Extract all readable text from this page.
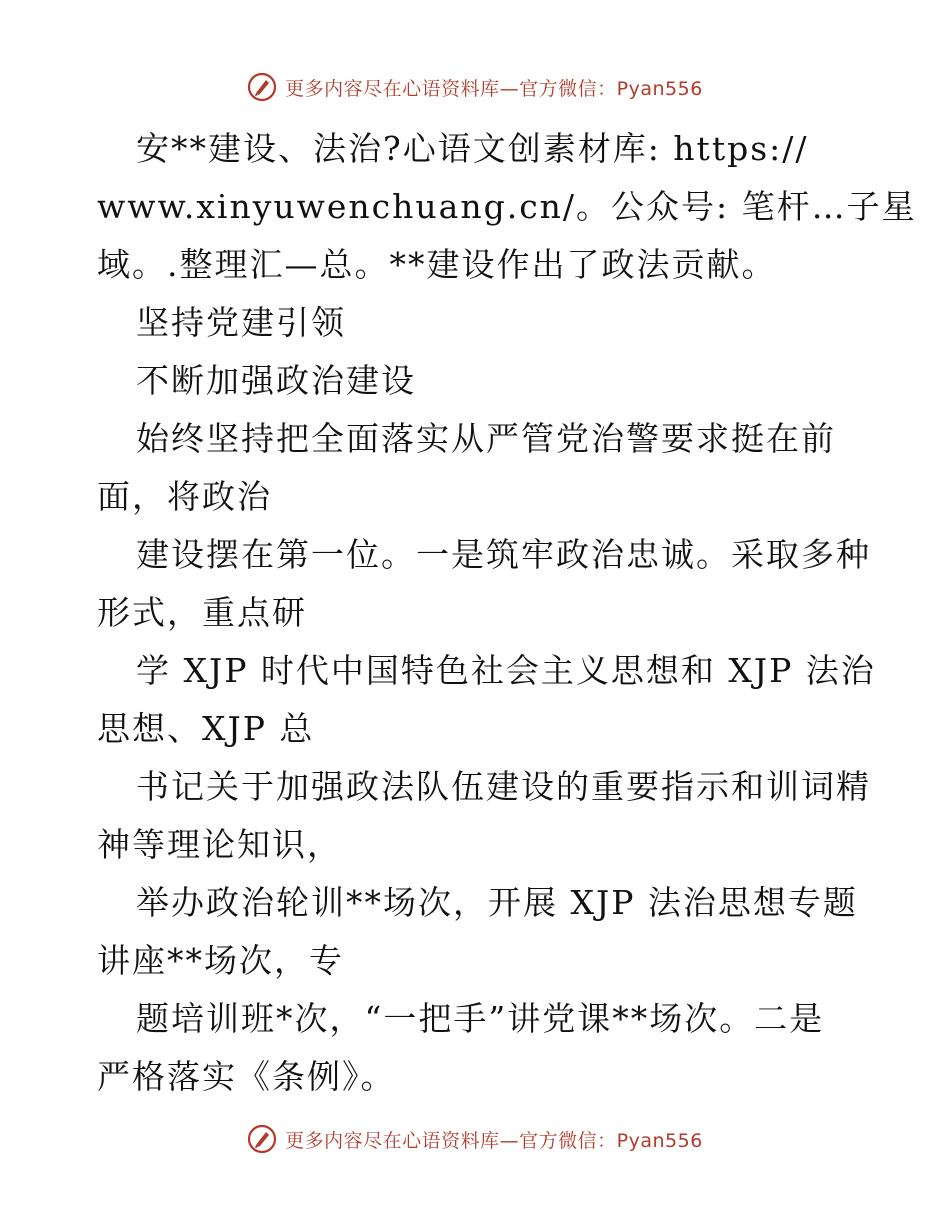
更多内容尽在心语资料库—官方微信：Pyan556
安**建设、法治?心语文创素材库: https://
www.xinyuwenchuang.cn/。公众号: 笔杆…子星
域。.整理汇—总。**建设作出了政法贡献。
坚持党建引领
不断加强政治建设
始终坚持把全面落实从严管党治警要求挺在前
面，将政治
建设摆在第一位。一是筑牢政治忠诚。采取多种
形式，重点研
学 XJP 时代中国特色社会主义思想和 XJP 法治
思想、XJP 总
书记关于加强政法队伍建设的重要指示和训词精
神等理论知识，
举办政治轮训**场次，开展 XJP 法治思想专题
讲座**场次，专
题培训班*次，“一把手”讲党课**场次。二是
严格落实《条例》。
更多内容尽在心语资料库—官方微信：Pyan556
